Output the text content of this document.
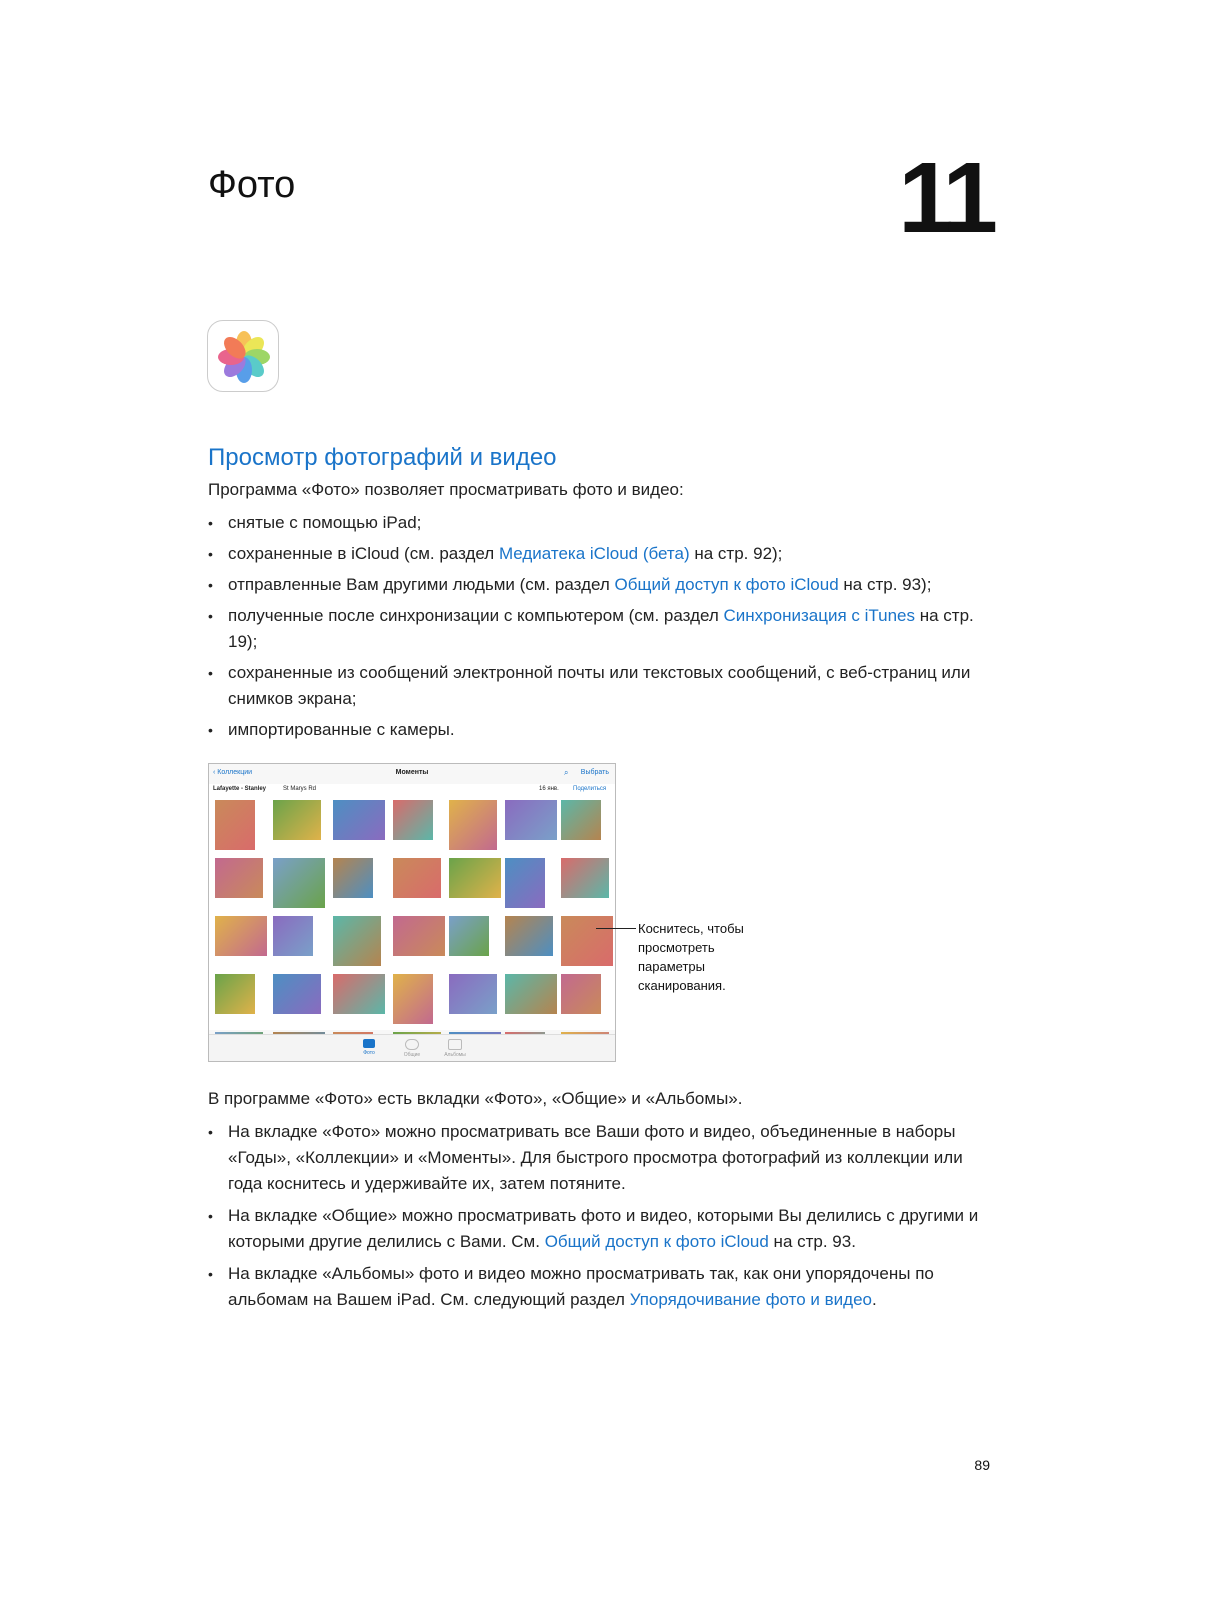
Фото	11
Просмотр фотографий и видео
Программа «Фото» позволяет просматривать фото и видео:
• снятые с помощью iPad;
• сохраненные в iCloud (см. раздел Медиатека iCloud (бета) на стр. 92);
• отправленные Вам другими людьми (см. раздел Общий доступ к фото iCloud на стр. 93);
• полученные после синхронизации с компьютером (см. раздел Синхронизация с iTunes на стр. 19);
• сохраненные из сообщений электронной почты или текстовых сообщений, с веб-страниц или снимков экрана;
• импортированные с камеры.
‹ Коллекции	Моменты	⌕ Выбрать
Lafayette - Stanley	St Marys Rd	16 янв. Поделиться
Фото	Общие	Альбомы
Коснитесь, чтобы просмотреть параметры сканирования.
В программе «Фото» есть вкладки «Фото», «Общие» и «Альбомы».
• На вкладке «Фото» можно просматривать все Ваши фото и видео, объединенные в наборы «Годы», «Коллекции» и «Моменты». Для быстрого просмотра фотографий из коллекции или года коснитесь и удерживайте их, затем потяните.
• На вкладке «Общие» можно просматривать фото и видео, которыми Вы делились с другими и которыми другие делились с Вами. См. Общий доступ к фото iCloud на стр. 93.
• На вкладке «Альбомы» фото и видео можно просматривать так, как они упорядочены по альбомам на Вашем iPad. См. следующий раздел Упорядочивание фото и видео.
89
